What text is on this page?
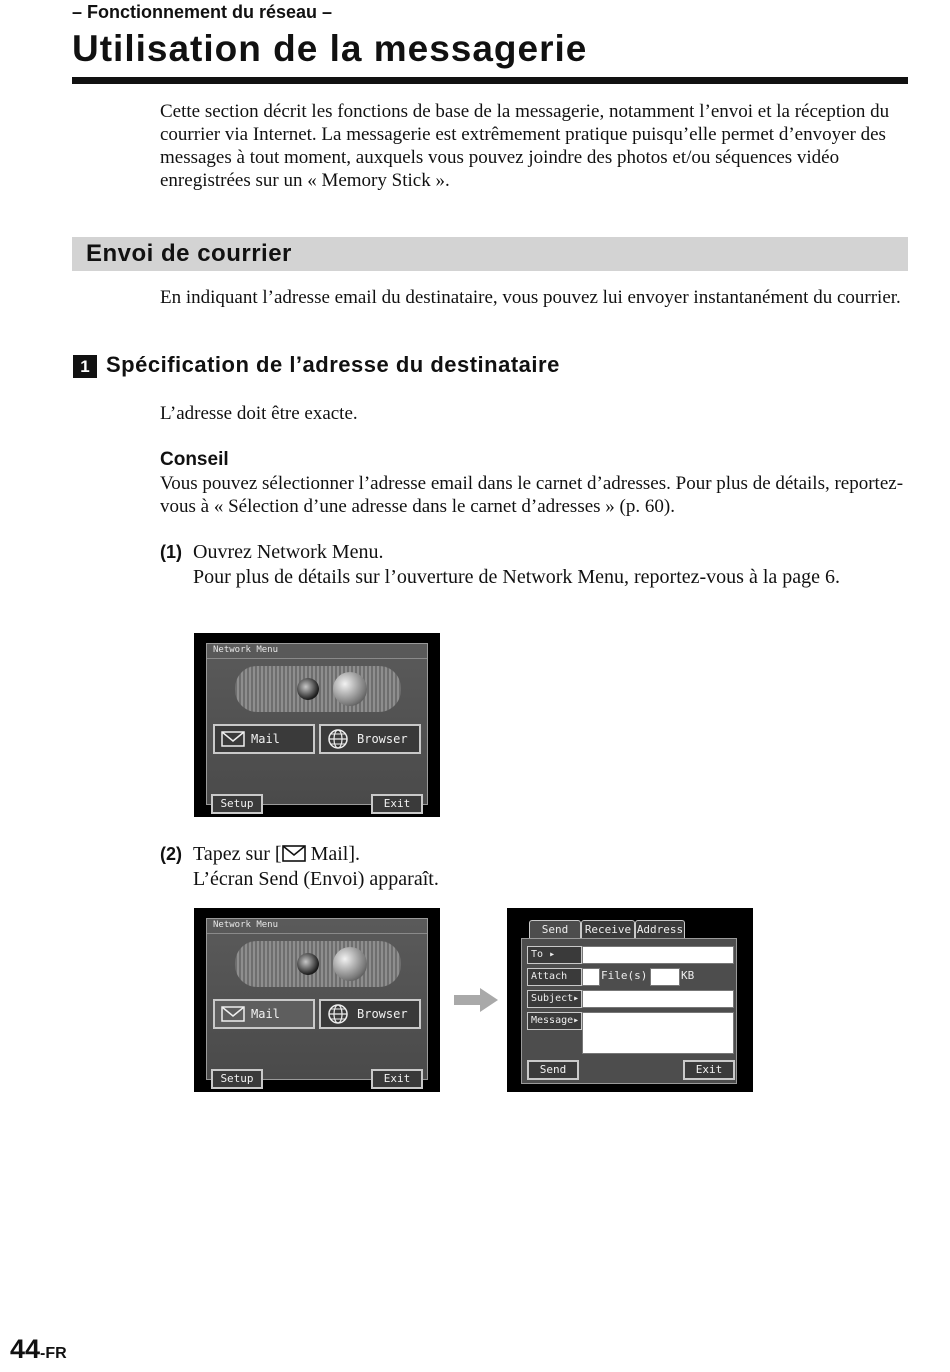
– Fonctionnement du réseau –
Utilisation de la messagerie
Cette section décrit les fonctions de base de la messagerie, notamment l’envoi et la réception du courrier via Internet. La messagerie est extrêmement pratique puisqu’elle permet d’envoyer des messages à tout moment, auxquels vous pouvez joindre des photos et/ou séquences vidéo enregistrées sur un « Memory Stick ».
Envoi de courrier
En indiquant l’adresse email du destinataire, vous pouvez lui envoyer instantanément du courrier.
1 Spécification de l’adresse du destinataire
L’adresse doit être exacte.
Conseil
Vous pouvez sélectionner l’adresse email dans le carnet d’adresses. Pour plus de détails, reportez-vous à « Sélection d’une adresse dans le carnet d’adresses » (p. 60).
(1) Ouvrez Network Menu.
Pour plus de détails sur l’ouverture de Network Menu, reportez-vous à la page 6.
Network Menu
Mail	Browser
Setup	Exit
(2) Tapez sur [ Mail].
L’écran Send (Envoi) apparaît.
Network Menu
Mail	Browser
Setup	Exit
Send	Receive Address
To ▸
Attach	File(s)	KB
Subject▸
Message▸
Send	Exit
44-FR
